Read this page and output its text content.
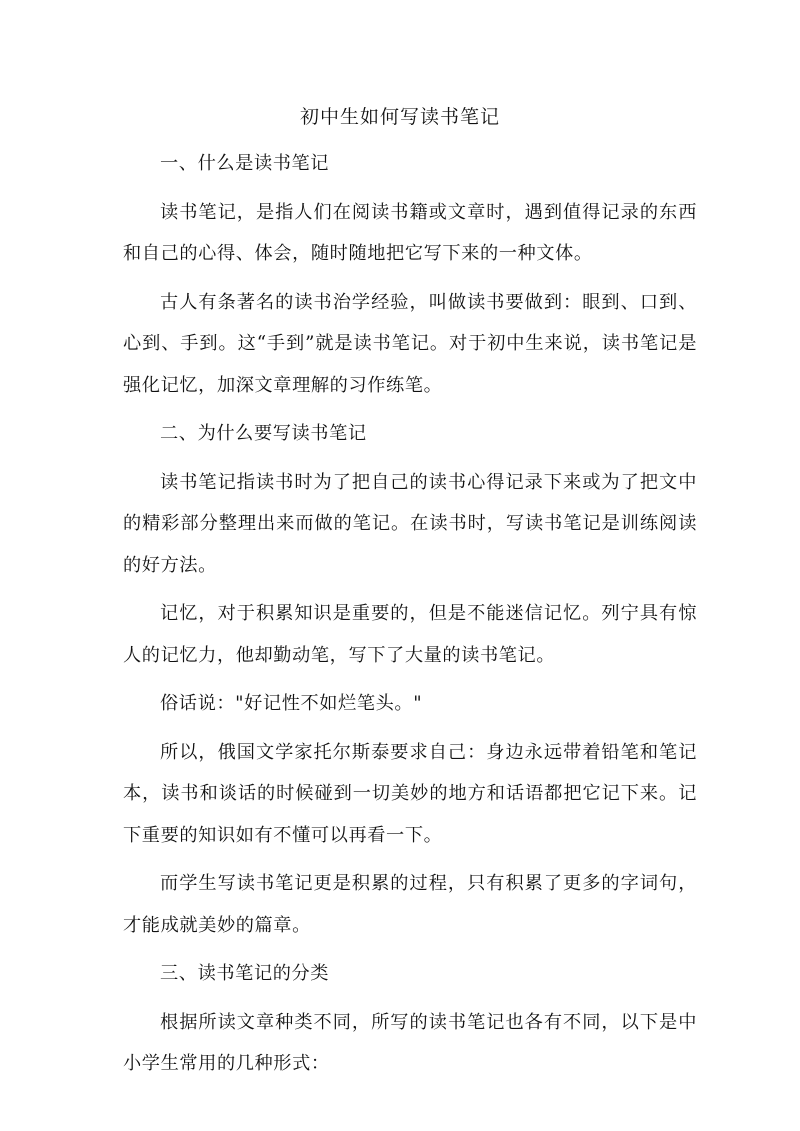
初中生如何写读书笔记
一、什么是读书笔记

读书笔记，是指人们在阅读书籍或文章时，遇到值得记录的东西和自己的心得、体会，随时随地把它写下来的一种文体。

古人有条著名的读书治学经验，叫做读书要做到：眼到、口到、心到、手到。这“手到”就是读书笔记。对于初中生来说，读书笔记是强化记忆，加深文章理解的习作练笔。

二、为什么要写读书笔记

读书笔记指读书时为了把自己的读书心得记录下来或为了把文中的精彩部分整理出来而做的笔记。在读书时，写读书笔记是训练阅读的好方法。

记忆，对于积累知识是重要的，但是不能迷信记忆。列宁具有惊人的记忆力，他却勤动笔，写下了大量的读书笔记。

俗话说："好记性不如烂笔头。"

所以，俄国文学家托尔斯泰要求自己：身边永远带着铅笔和笔记本，读书和谈话的时候碰到一切美妙的地方和话语都把它记下来。记下重要的知识如有不懂可以再看一下。

而学生写读书笔记更是积累的过程，只有积累了更多的字词句，才能成就美妙的篇章。

三、读书笔记的分类

根据所读文章种类不同，所写的读书笔记也各有不同，以下是中小学生常用的几种形式：
